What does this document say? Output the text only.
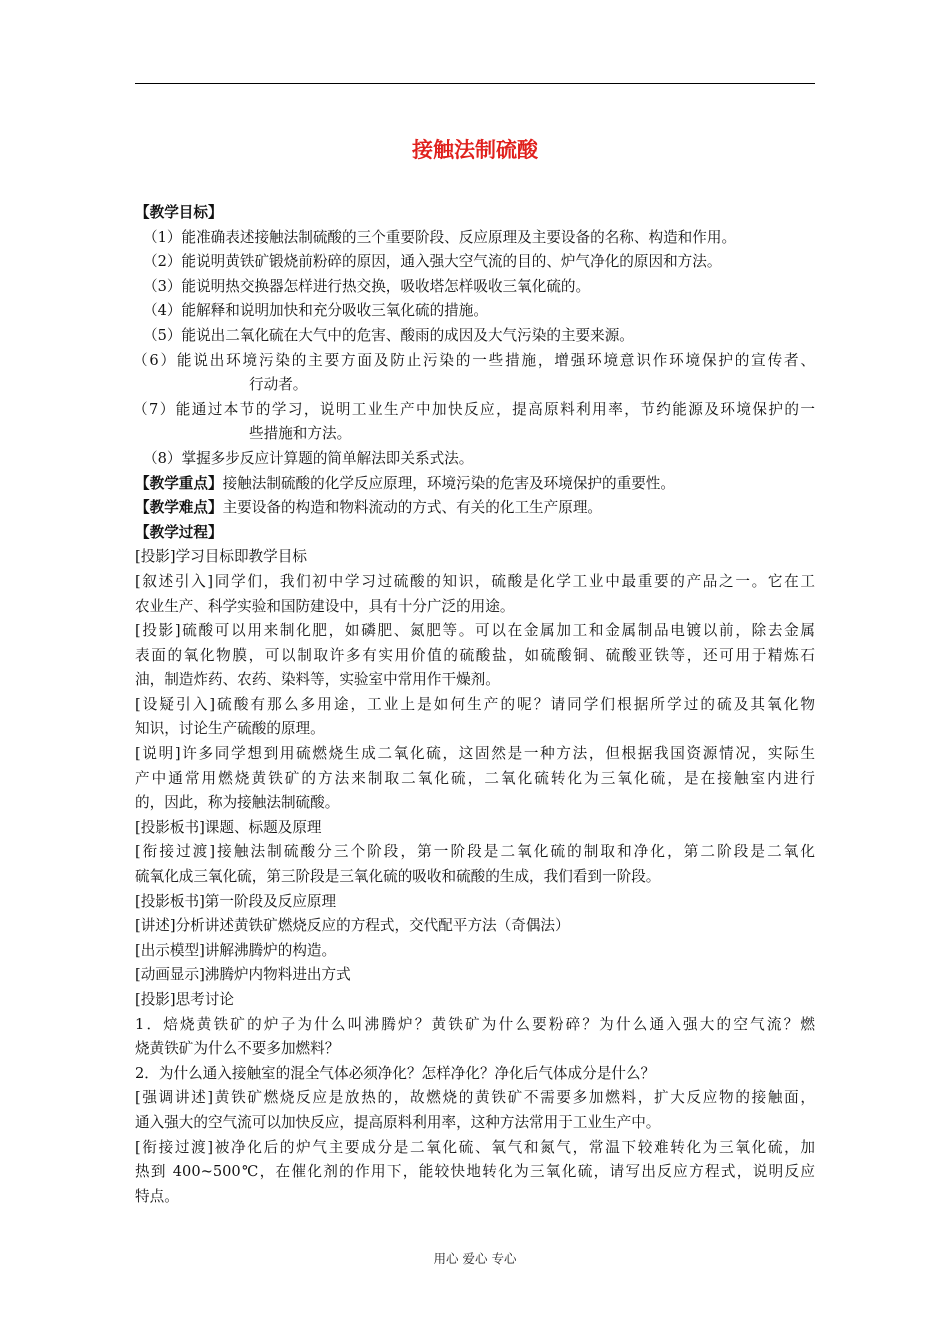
接触法制硫酸
【教学目标】
（1）能准确表述接触法制硫酸的三个重要阶段、反应原理及主要设备的名称、构造和作用。
（2）能说明黄铁矿锻烧前粉碎的原因，通入强大空气流的目的、炉气净化的原因和方法。
（3）能说明热交换器怎样进行热交换，吸收塔怎样吸收三氧化硫的。
（4）能解释和说明加快和充分吸收三氧化硫的措施。
（5）能说出二氧化硫在大气中的危害、酸雨的成因及大气污染的主要来源。
（6）能说出环境污染的主要方面及防止污染的一些措施，增强环境意识作环境保护的宣传者、
行动者。
（7）能通过本节的学习，说明工业生产中加快反应，提高原料利用率，节约能源及环境保护的一
些措施和方法。
（8）掌握多步反应计算题的简单解法即关系式法。
【教学重点】接触法制硫酸的化学反应原理，环境污染的危害及环境保护的重要性。
【教学难点】主要设备的构造和物料流动的方式、有关的化工生产原理。
【教学过程】
[投影]学习目标即教学目标
[叙述引入]同学们，我们初中学习过硫酸的知识，硫酸是化学工业中最重要的产品之一。它在工
农业生产、科学实验和国防建设中，具有十分广泛的用途。
[投影]硫酸可以用来制化肥，如磷肥、氮肥等。可以在金属加工和金属制品电镀以前，除去金属
表面的氧化物膜，可以制取许多有实用价值的硫酸盐，如硫酸铜、硫酸亚铁等，还可用于精炼石
油，制造炸药、农药、染料等，实验室中常用作干燥剂。
[设疑引入]硫酸有那么多用途，工业上是如何生产的呢？请同学们根据所学过的硫及其氧化物
知识，讨论生产硫酸的原理。
[说明]许多同学想到用硫燃烧生成二氧化硫，这固然是一种方法，但根据我国资源情况，实际生
产中通常用燃烧黄铁矿的方法来制取二氧化硫，二氧化硫转化为三氧化硫，是在接触室内进行
的，因此，称为接触法制硫酸。
[投影板书]课题、标题及原理
[衔接过渡]接触法制硫酸分三个阶段，第一阶段是二氧化硫的制取和净化，第二阶段是二氧化
硫氧化成三氧化硫，第三阶段是三氧化硫的吸收和硫酸的生成，我们看到一阶段。
[投影板书]第一阶段及反应原理
[讲述]分析讲述黄铁矿燃烧反应的方程式，交代配平方法（奇偶法）
[出示模型]讲解沸腾炉的构造。
[动画显示]沸腾炉内物料进出方式
[投影]思考讨论
1．焙烧黄铁矿的炉子为什么叫沸腾炉？黄铁矿为什么要粉碎？为什么通入强大的空气流？燃
烧黄铁矿为什么不要多加燃料？
2．为什么通入接触室的混全气体必须净化？怎样净化？净化后气体成分是什么？
[强调讲述]黄铁矿燃烧反应是放热的，故燃烧的黄铁矿不需要多加燃料，扩大反应物的接触面，
通入强大的空气流可以加快反应，提高原料利用率，这种方法常用于工业生产中。
[衔接过渡]被净化后的炉气主要成分是二氧化硫、氧气和氮气，常温下较难转化为三氧化硫，加
热到 400~500℃，在催化剂的作用下，能较快地转化为三氧化硫，请写出反应方程式，说明反应
特点。
用心 爱心 专心
